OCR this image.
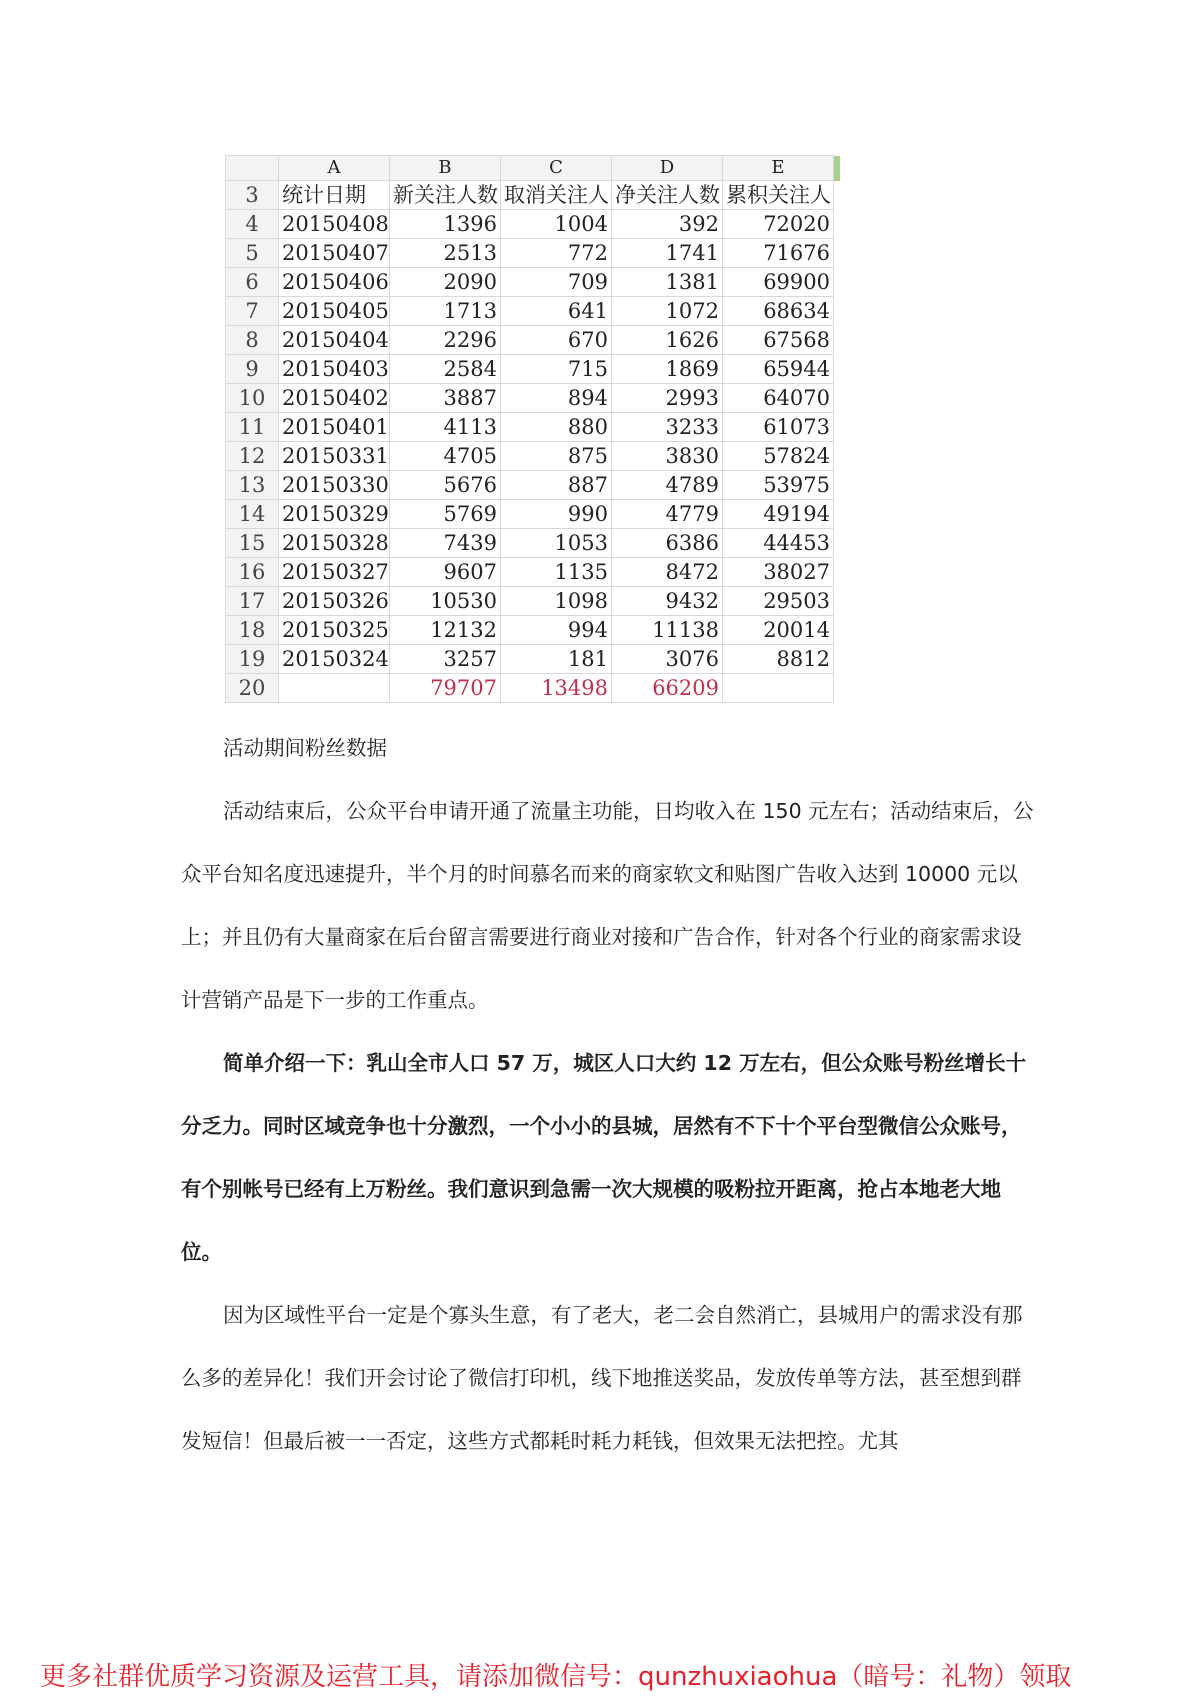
	A	B	C	D	E	
3	统计日期	新关注人数	取消关注人	净关注人数	累积关注人	
4	20150408	1396	1004	392	72020	
5	20150407	2513	772	1741	71676	
6	20150406	2090	709	1381	69900	
7	20150405	1713	641	1072	68634	
8	20150404	2296	670	1626	67568	
9	20150403	2584	715	1869	65944	
10	20150402	3887	894	2993	64070	
11	20150401	4113	880	3233	61073	
12	20150331	4705	875	3830	57824	
13	20150330	5676	887	4789	53975	
14	20150329	5769	990	4779	49194	
15	20150328	7439	1053	6386	44453	
16	20150327	9607	1135	8472	38027	
17	20150326	10530	1098	9432	29503	
18	20150325	12132	994	11138	20014	
19	20150324	3257	181	3076	8812	
20		79707	13498	66209		

活动期间粉丝数据

活动结束后，公众平台申请开通了流量主功能，日均收入在 150 元左右；活动结束后，公众平台知名度迅速提升，半个月的时间慕名而来的商家软文和贴图广告收入达到 10000 元以上；并且仍有大量商家在后台留言需要进行商业对接和广告合作，针对各个行业的商家需求设计营销产品是下一步的工作重点。

简单介绍一下：乳山全市人口 57 万，城区人口大约 12 万左右，但公众账号粉丝增长十分乏力。同时区域竞争也十分激烈，一个小小的县城，居然有不下十个平台型微信公众账号，有个别帐号已经有上万粉丝。我们意识到急需一次大规模的吸粉拉开距离，抢占本地老大地位。

因为区域性平台一定是个寡头生意，有了老大，老二会自然消亡，县城用户的需求没有那么多的差异化！我们开会讨论了微信打印机，线下地推送奖品，发放传单等方法，甚至想到群发短信！但最后被一一否定，这些方式都耗时耗力耗钱，但效果无法把控。尤其

更多社群优质学习资源及运营工具，请添加微信号：qunzhuxiaohua（暗号：礼物）领取
